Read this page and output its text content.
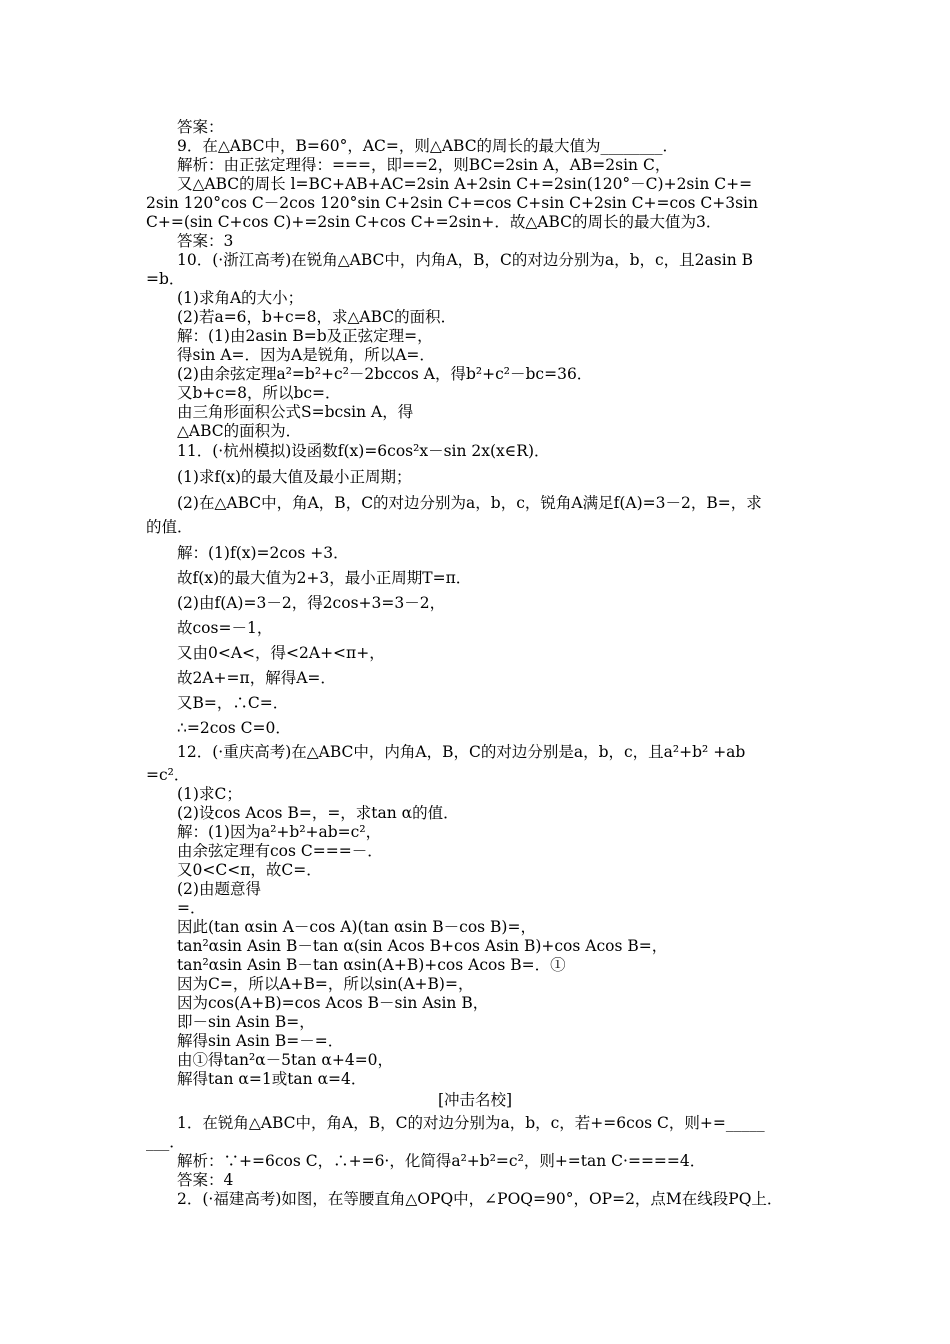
答案：
9．在△ABC中，B=60°，AC=，则△ABC的周长的最大值为________．
解析：由正弦定理得：===，即==2，则BC=2sin A，AB=2sin C，
又△ABC的周长 l=BC+AB+AC=2sin A+2sin C+=2sin(120°－C)+2sin C+=
2sin 120°cos C－2cos 120°sin C+2sin C+=cos C+sin C+2sin C+=cos C+3sin
C+=(sin C+cos C)+=2sin C+cos C+=2sin+．故△ABC的周长的最大值为3．
答案：3
10．(·浙江高考)在锐角△ABC中，内角A，B，C的对边分别为a，b，c，且2asin B
=b．
(1)求角A的大小；
(2)若a=6，b+c=8，求△ABC的面积．
解：(1)由2asin B=b及正弦定理=，
得sin A=．因为A是锐角，所以A=．
(2)由余弦定理a²=b²+c²－2bccos A，得b²+c²－bc=36．
又b+c=8，所以bc=．
由三角形面积公式S=bcsin A，得
△ABC的面积为．
11．(·杭州模拟)设函数f(x)=6cos²x－sin 2x(x∈R)．
(1)求f(x)的最大值及最小正周期；
(2)在△ABC中，角A，B，C的对边分别为a，b，c，锐角A满足f(A)=3－2，B=，求
的值．
解：(1)f(x)=2cos +3．
故f(x)的最大值为2+3，最小正周期T=π．
(2)由f(A)=3－2，得2cos+3=3－2，
故cos=－1，
又由0<A<，得<2A+<π+，
故2A+=π，解得A=．
又B=，∴C=．
∴=2cos C=0．
12．(·重庆高考)在△ABC中，内角A，B，C的对边分别是a，b，c，且a²+b² +ab
=c²．
(1)求C；
(2)设cos Acos B=，=，求tan α的值．
解：(1)因为a²+b²+ab=c²，
由余弦定理有cos C===－．
又0<C<π，故C=．
(2)由题意得
=．
因此(tan αsin A－cos A)(tan αsin B－cos B)=，
tan²αsin Asin B－tan α(sin Acos B+cos Asin B)+cos Acos B=，
tan²αsin Asin B－tan αsin(A+B)+cos Acos B=．①
因为C=，所以A+B=，所以sin(A+B)=，
因为cos(A+B)=cos Acos B－sin Asin B，
即－sin Asin B=，
解得sin Asin B=－=．
由①得tan²α－5tan α+4=0，
解得tan α=1或tan α=4．
[冲击名校]
1．在锐角△ABC中，角A，B，C的对边分别为a，b，c，若+=6cos C，则+=_____
___．
解析：∵+=6cos C，∴+=6·，化简得a²+b²=c²，则+=tan C·====4．
答案：4
2．(·福建高考)如图，在等腰直角△OPQ中，∠POQ=90°，OP=2，点M在线段PQ上．
